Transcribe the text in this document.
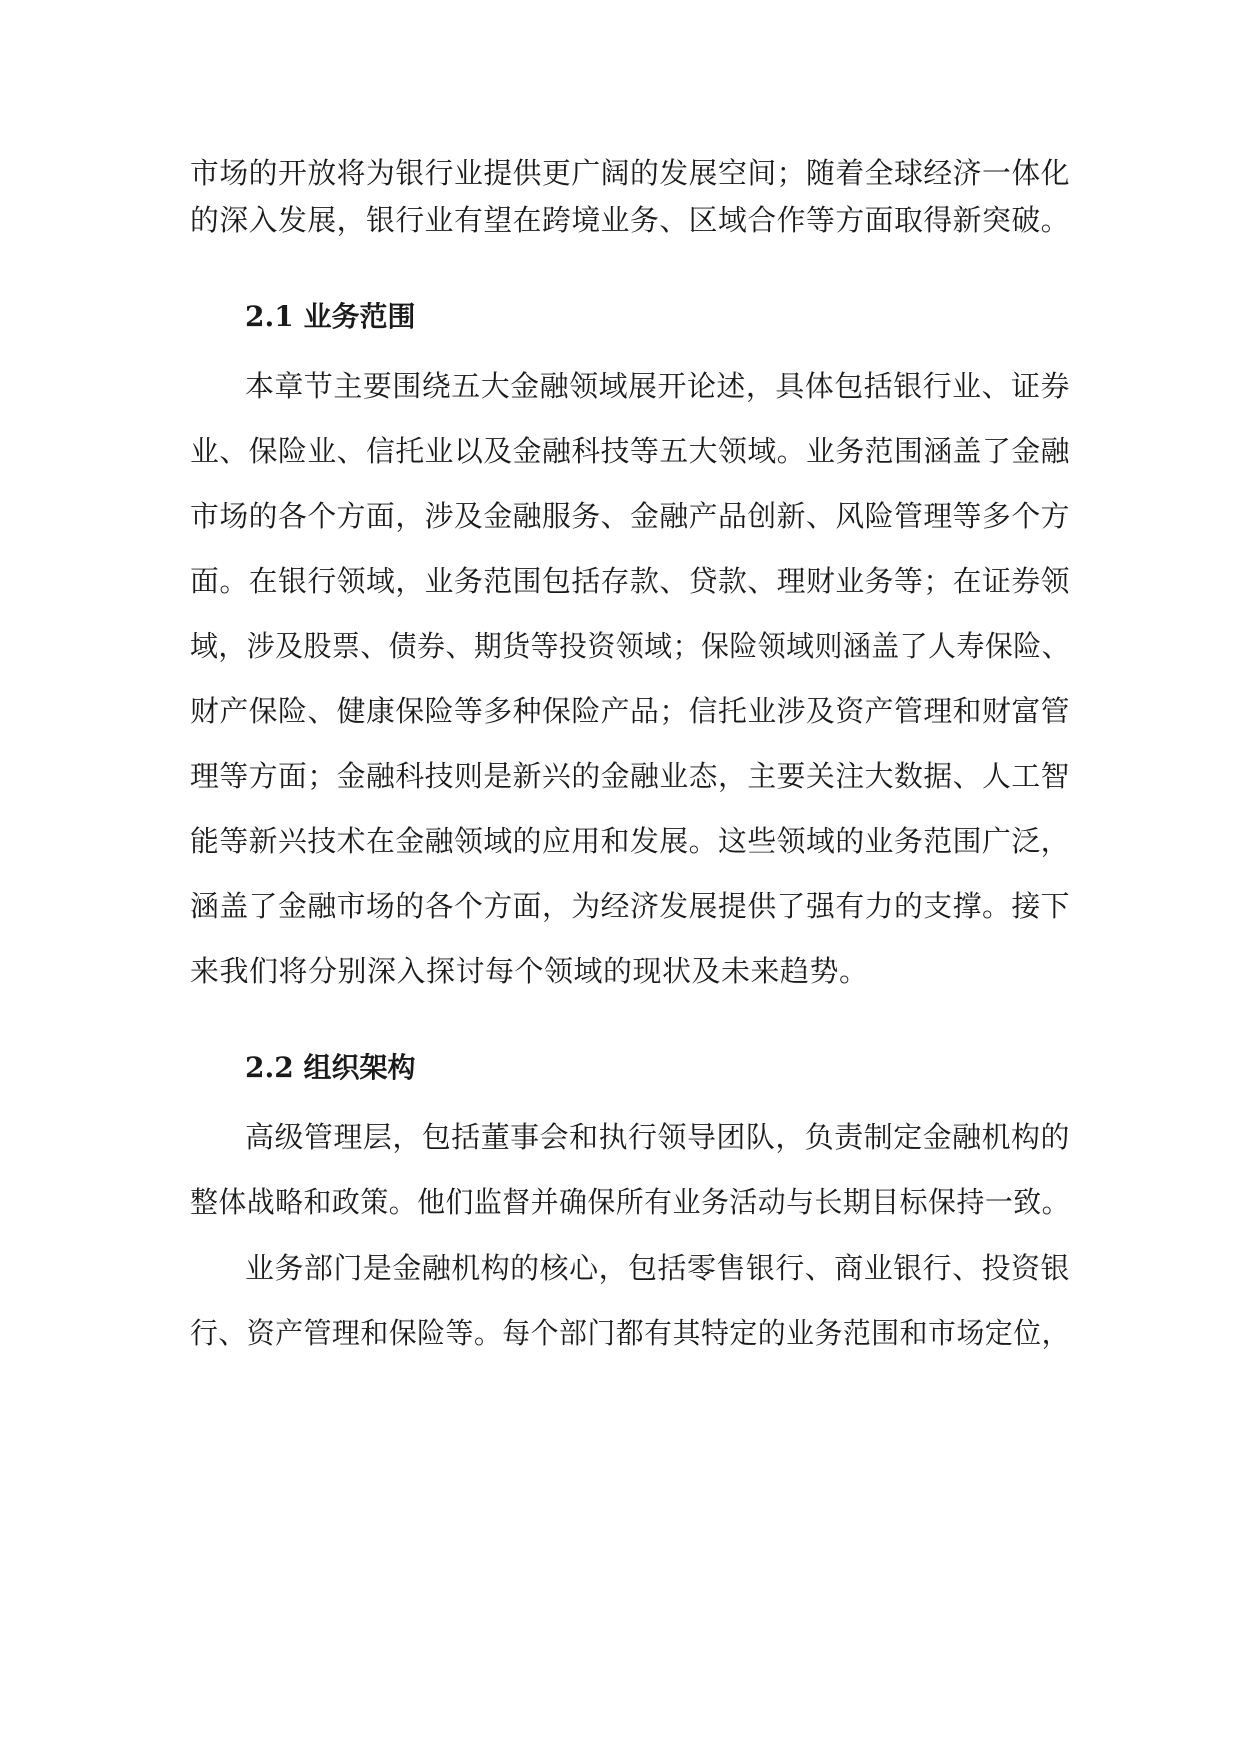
市场的开放将为银行业提供更广阔的发展空间；随着全球经济一体化
的深入发展，银行业有望在跨境业务、区域合作等方面取得新突破。
2.1 业务范围
本章节主要围绕五大金融领域展开论述，具体包括银行业、证券
业、保险业、信托业以及金融科技等五大领域。业务范围涵盖了金融
市场的各个方面，涉及金融服务、金融产品创新、风险管理等多个方
面。在银行领域，业务范围包括存款、贷款、理财业务等；在证券领
域，涉及股票、债券、期货等投资领域；保险领域则涵盖了人寿保险、
财产保险、健康保险等多种保险产品；信托业涉及资产管理和财富管
理等方面；金融科技则是新兴的金融业态，主要关注大数据、人工智
能等新兴技术在金融领域的应用和发展。这些领域的业务范围广泛，
涵盖了金融市场的各个方面，为经济发展提供了强有力的支撑。接下
来我们将分别深入探讨每个领域的现状及未来趋势。
2.2 组织架构
高级管理层，包括董事会和执行领导团队，负责制定金融机构的
整体战略和政策。他们监督并确保所有业务活动与长期目标保持一致。
业务部门是金融机构的核心，包括零售银行、商业银行、投资银
行、资产管理和保险等。每个部门都有其特定的业务范围和市场定位，
